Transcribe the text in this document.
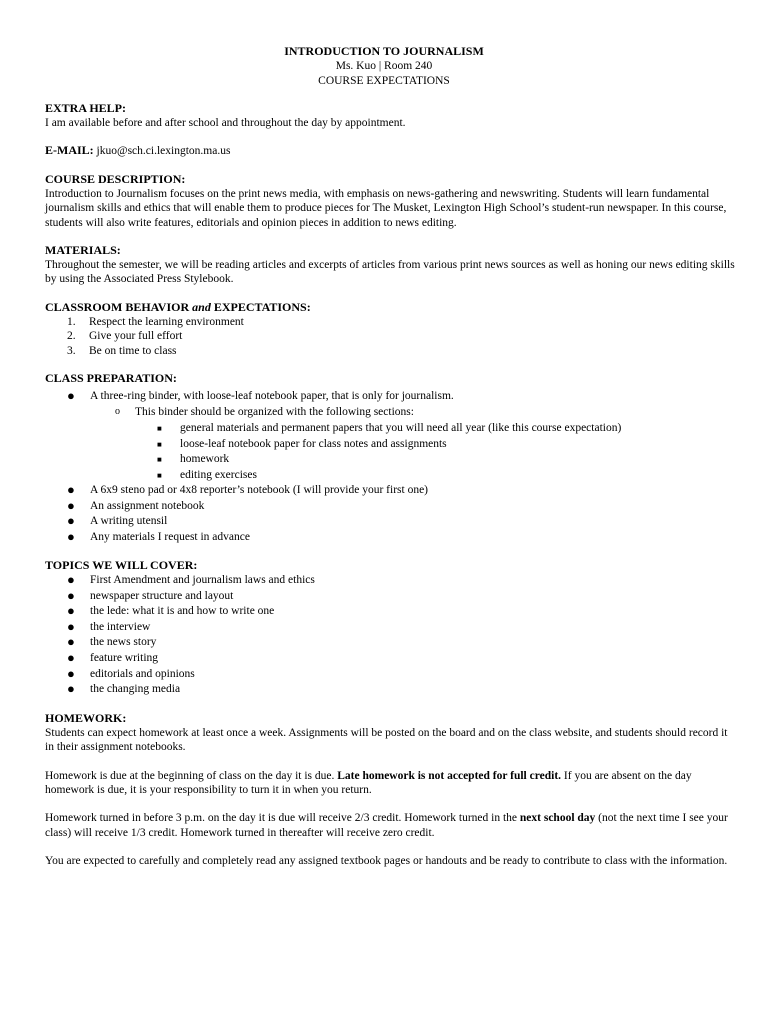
INTRODUCTION TO JOURNALISM
Ms. Kuo | Room 240
COURSE EXPECTATIONS
EXTRA HELP:

I am available before and after school and throughout the day by appointment.

E-MAIL: jkuo@sch.ci.lexington.ma.us

COURSE DESCRIPTION:

Introduction to Journalism focuses on the print news media, with emphasis on news-gathering and newswriting. Students will learn fundamental journalism skills and ethics that will enable them to produce pieces for The Musket, Lexington High School’s student-run newspaper. In this course, students will also write features, editorials and opinion pieces in addition to news editing.

MATERIALS:

Throughout the semester, we will be reading articles and excerpts of articles from various print news sources as well as honing our news editing skills by using the Associated Press Stylebook.

CLASSROOM BEHAVIOR and EXPECTATIONS:
1. Respect the learning environment
2. Give your full effort
3. Be on time to class
CLASS PREPARATION:
● A three-ring binder, with loose-leaf notebook paper, that is only for journalism.
o This binder should be organized with the following sections:
■ general materials and permanent papers that you will need all year (like this course expectation)
■ loose-leaf notebook paper for class notes and assignments
■ homework
■ editing exercises
● A 6x9 steno pad or 4x8 reporter’s notebook (I will provide your first one)
● An assignment notebook
● A writing utensil
● Any materials I request in advance
TOPICS WE WILL COVER:
● First Amendment and journalism laws and ethics
● newspaper structure and layout
● the lede: what it is and how to write one
● the interview
● the news story
● feature writing
● editorials and opinions
● the changing media
HOMEWORK:

Students can expect homework at least once a week. Assignments will be posted on the board and on the class website, and students should record it in their assignment notebooks.

Homework is due at the beginning of class on the day it is due. Late homework is not accepted for full credit. If you are absent on the day homework is due, it is your responsibility to turn it in when you return.

Homework turned in before 3 p.m. on the day it is due will receive 2/3 credit. Homework turned in the next school day (not the next time I see your class) will receive 1/3 credit. Homework turned in thereafter will receive zero credit.

You are expected to carefully and completely read any assigned textbook pages or handouts and be ready to contribute to class with the information.
